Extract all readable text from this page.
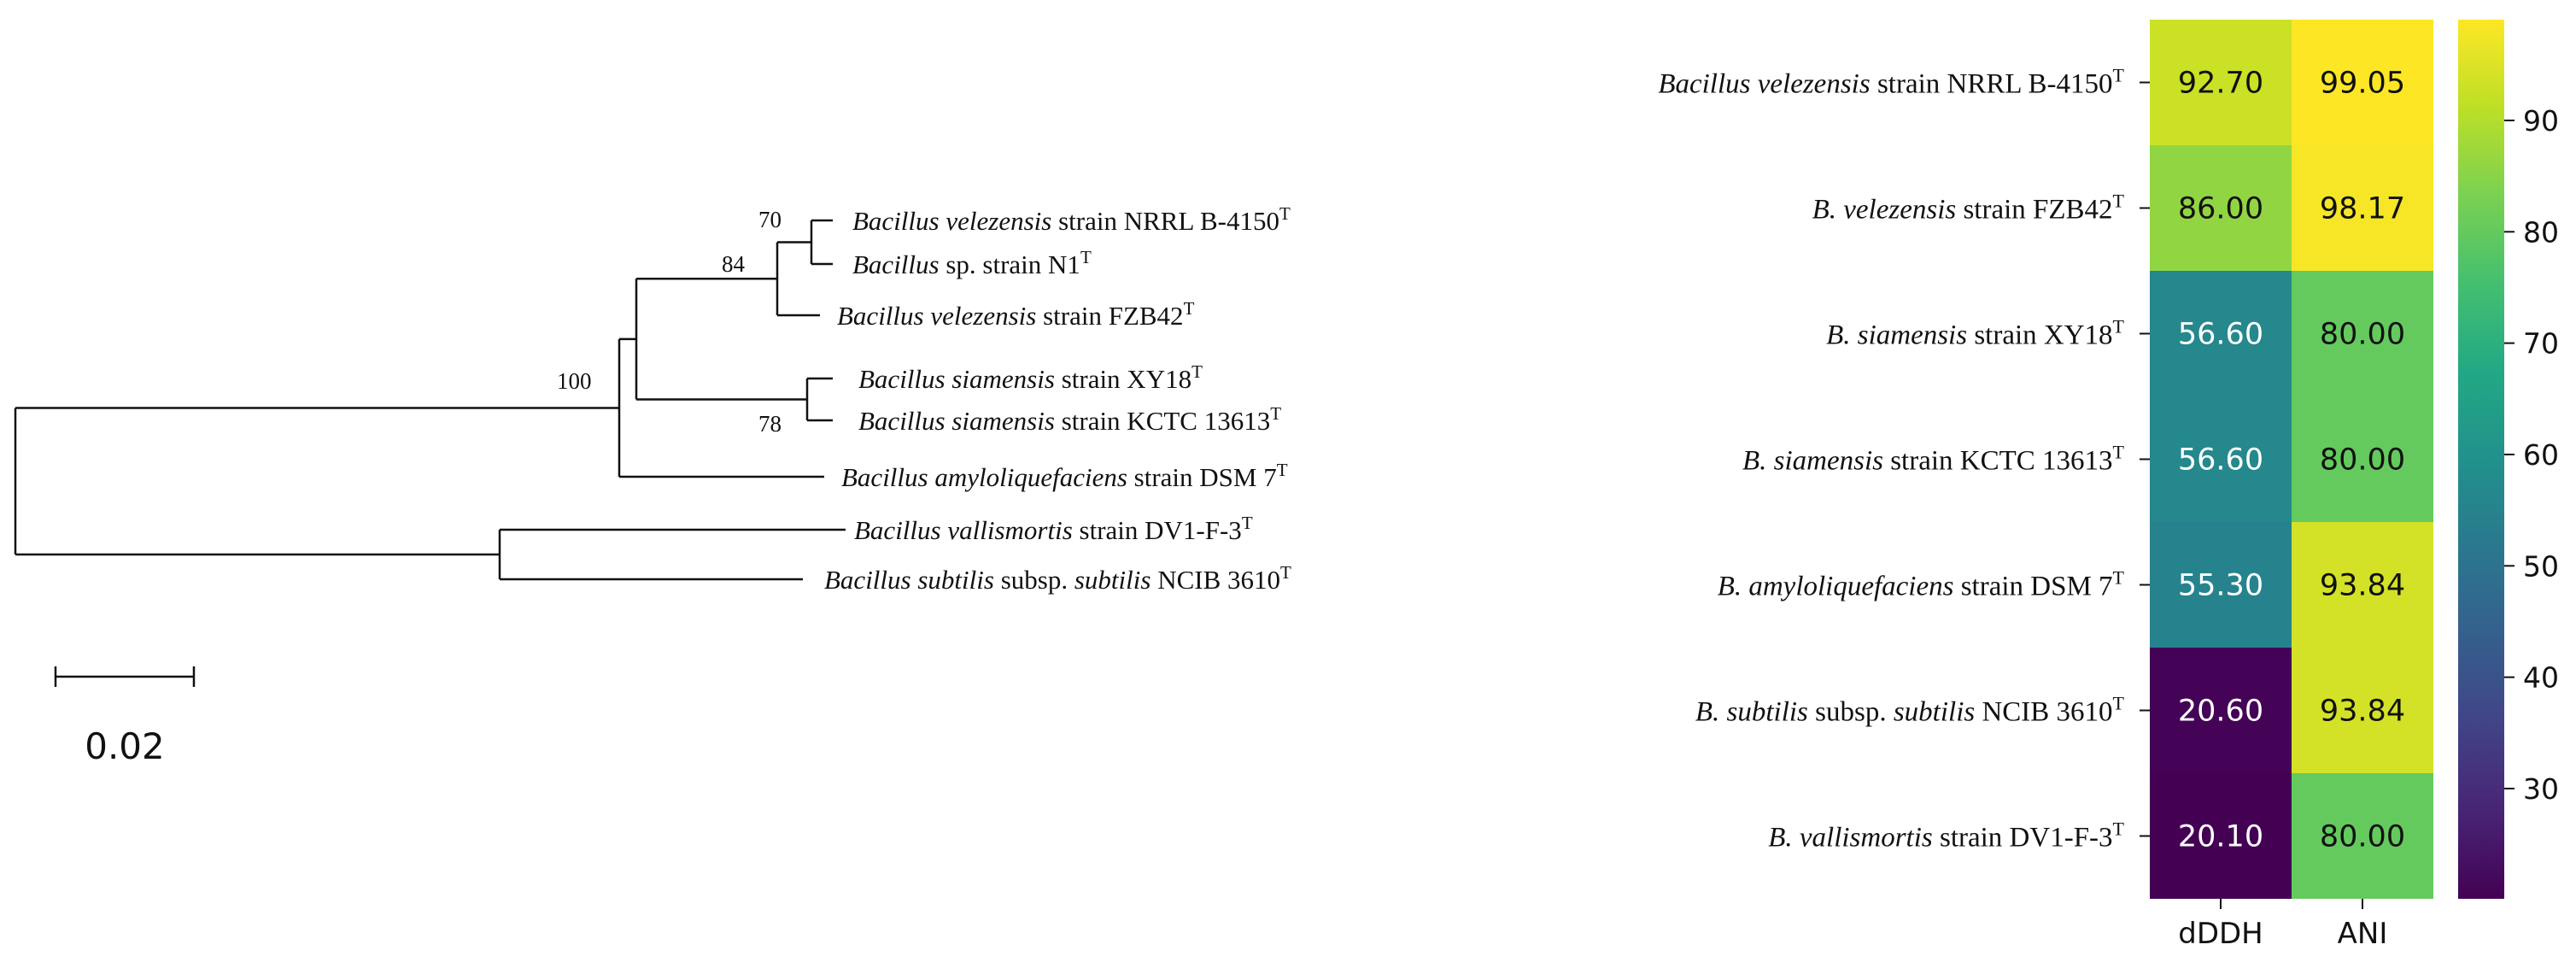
Bacillus velezensis strain NRRL $B-4150^T$
Bacillus sp. strain $N1^T$
Bacillus velezensis strain $FZB42^T$
Bacillus siamensis strain $XY18^T$
Bacillus siamensis strain KCTC $13613^T$
Bacillus amyloliquefaciens strain DSM $7^T$
Bacillus vallismortis strain $DV1-F-3^T$
Bacillus subtilis subsp. subtilis NCIB $3610^T$
70
84
78
100
0.02
92.70 99.05
Bacillus velezensis strain NRRL $B-4150^T$
86.00 98.17
B. velezensis strain $FZB42^T$
56.60 80.00
B. siamensis strain $XY18^T$
56.60 80.00
B. siamensis strain KCTC $13613^T$
55.30 93.84
B. amyloliquefaciens strain DSM $7^T$
20.60 93.84
B. subtilis subsp. subtilis NCIB $3610^T$
20.10 80.00
B. vallismortis strain $DV1-F-3^T$
dDDH	ANI
30
40
50
60
70
80
90
